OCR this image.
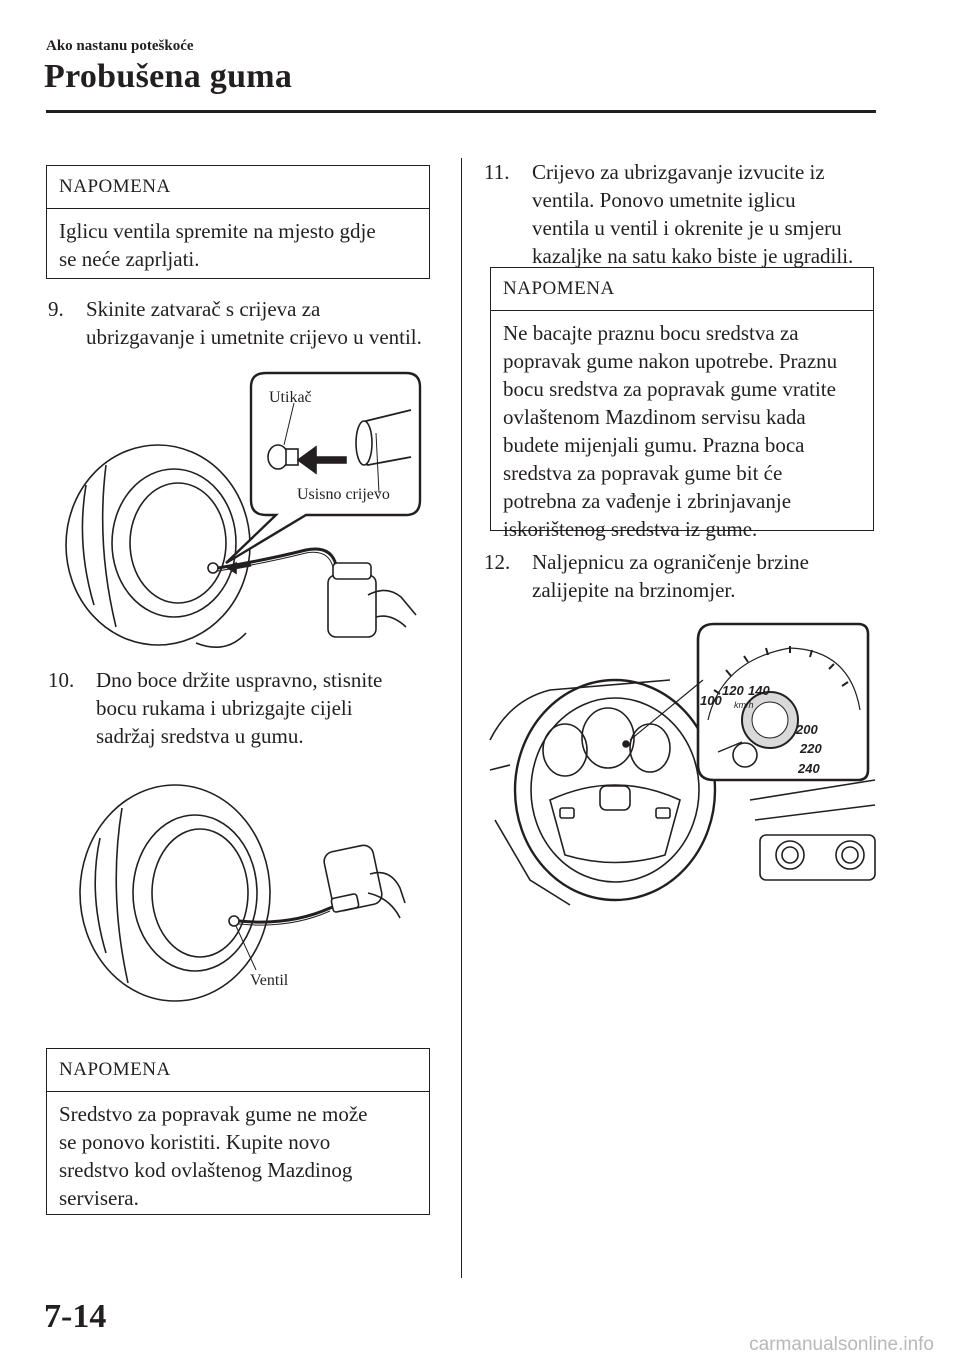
Ako nastanu poteškoće
Probušena guma
NAPOMENA
Iglicu ventila spremite na mjesto gdje
se neće zaprljati.
9.	Skinite zatvarač s crijeva za
ubrizgavanje i umetnite crijevo u ventil.
Utikač
Usisno crijevo
10.	Dno boce držite uspravno, stisnite
bocu rukama i ubrizgajte cijeli
sadržaj sredstva u gumu.
Ventil
NAPOMENA
Sredstvo za popravak gume ne može
se ponovo koristiti. Kupite novo
sredstvo kod ovlaštenog Mazdinog
servisera.
11.	Crijevo za ubrizgavanje izvucite iz
ventila. Ponovo umetnite iglicu
ventila u ventil i okrenite je u smjeru
kazaljke na satu kako biste je ugradili.
NAPOMENA
Ne bacajte praznu bocu sredstva za
popravak gume nakon upotrebe. Praznu
bocu sredstva za popravak gume vratite
ovlaštenom Mazdinom servisu kada
budete mijenjali gumu. Prazna boca
sredstva za popravak gume bit će
potrebna za vađenje i zbrinjavanje
iskorištenog sredstva iz gume.
12.	Naljepnicu za ograničenje brzine
zalijepite na brzinomjer.
100
120 140
km/h
200
220
240
7-14
carmanualsonline.info
